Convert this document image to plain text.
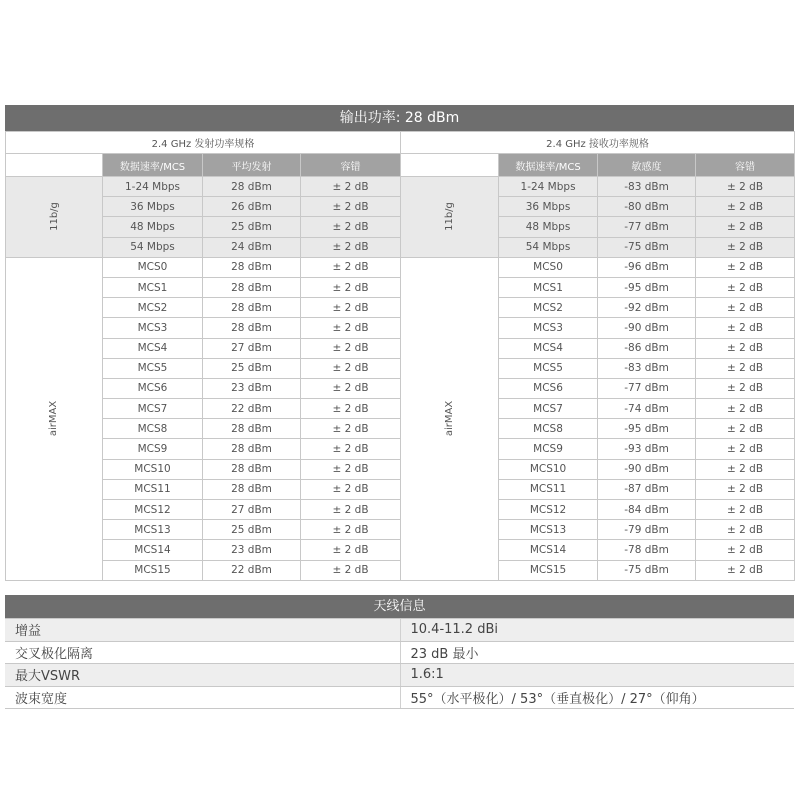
输出功率: 28 dBm
2.4 GHz 发射功率规格				2.4 GHz 接收功率规格			
	数据速率/MCS	平均发射	容错		数据速率/MCS	敏感度	容错
11b/g	1-24 Mbps	28 dBm	± 2 dB	11b/g	1-24 Mbps	-83 dBm	± 2 dB
	36 Mbps	26 dBm	± 2 dB		36 Mbps	-80 dBm	± 2 dB
	48 Mbps	25 dBm	± 2 dB		48 Mbps	-77 dBm	± 2 dB
	54 Mbps	24 dBm	± 2 dB		54 Mbps	-75 dBm	± 2 dB
airMAX	MCS0	28 dBm	± 2 dB	airMAX	MCS0	-96 dBm	± 2 dB
	MCS1	28 dBm	± 2 dB		MCS1	-95 dBm	± 2 dB
	MCS2	28 dBm	± 2 dB		MCS2	-92 dBm	± 2 dB
	MCS3	28 dBm	± 2 dB		MCS3	-90 dBm	± 2 dB
	MCS4	27 dBm	± 2 dB		MCS4	-86 dBm	± 2 dB
	MCS5	25 dBm	± 2 dB		MCS5	-83 dBm	± 2 dB
	MCS6	23 dBm	± 2 dB		MCS6	-77 dBm	± 2 dB
	MCS7	22 dBm	± 2 dB		MCS7	-74 dBm	± 2 dB
	MCS8	28 dBm	± 2 dB		MCS8	-95 dBm	± 2 dB
	MCS9	28 dBm	± 2 dB		MCS9	-93 dBm	± 2 dB
	MCS10	28 dBm	± 2 dB		MCS10	-90 dBm	± 2 dB
	MCS11	28 dBm	± 2 dB		MCS11	-87 dBm	± 2 dB
	MCS12	27 dBm	± 2 dB		MCS12	-84 dBm	± 2 dB
	MCS13	25 dBm	± 2 dB		MCS13	-79 dBm	± 2 dB
	MCS14	23 dBm	± 2 dB		MCS14	-78 dBm	± 2 dB
	MCS15	22 dBm	± 2 dB		MCS15	-75 dBm	± 2 dB
天线信息
增益	10.4-11.2 dBi
交叉极化隔离	23 dB 最小
最大VSWR	1.6:1
波束宽度	55°（水平极化）/ 53°（垂直极化）/ 27°（仰角）
